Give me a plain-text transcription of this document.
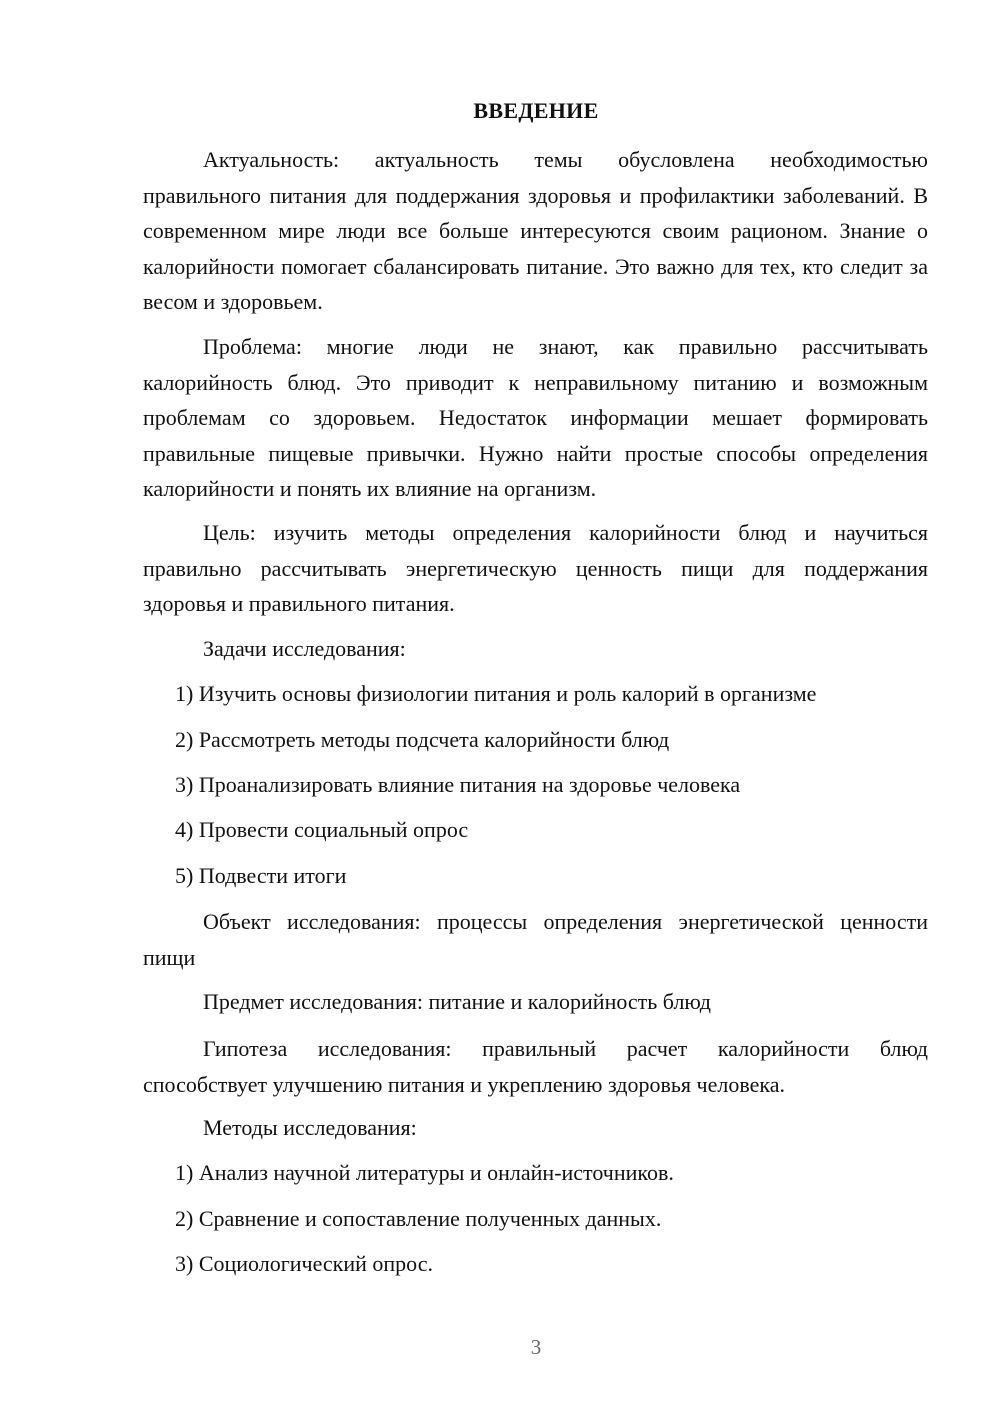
ВВЕДЕНИЕ

Актуальность: актуальность темы обусловлена необходимостью правильного питания для поддержания здоровья и профилактики заболеваний. В современном мире люди все больше интересуются своим рационом. Знание о калорийности помогает сбалансировать питание. Это важно для тех, кто следит за весом и здоровьем.

Проблема: многие люди не знают, как правильно рассчитывать калорийность блюд. Это приводит к неправильному питанию и возможным проблемам со здоровьем. Недостаток информации мешает формировать правильные пищевые привычки. Нужно найти простые способы определения калорийности и понять их влияние на организм.

Цель: изучить методы определения калорийности блюд и научиться правильно рассчитывать энергетическую ценность пищи для поддержания здоровья и правильного питания.

Задачи исследования:
1) Изучить основы физиологии питания и роль калорий в организме
2) Рассмотреть методы подсчета калорийности блюд
3) Проанализировать влияние питания на здоровье человека
4) Провести социальный опрос
5) Подвести итоги

Объект исследования: процессы определения энергетической ценности пищи

Предмет исследования: питание и калорийность блюд

Гипотеза исследования: правильный расчет калорийности блюд способствует улучшению питания и укреплению здоровья человека.

Методы исследования:
1) Анализ научной литературы и онлайн-источников.
2) Сравнение и сопоставление полученных данных.
3) Социологический опрос.
3
